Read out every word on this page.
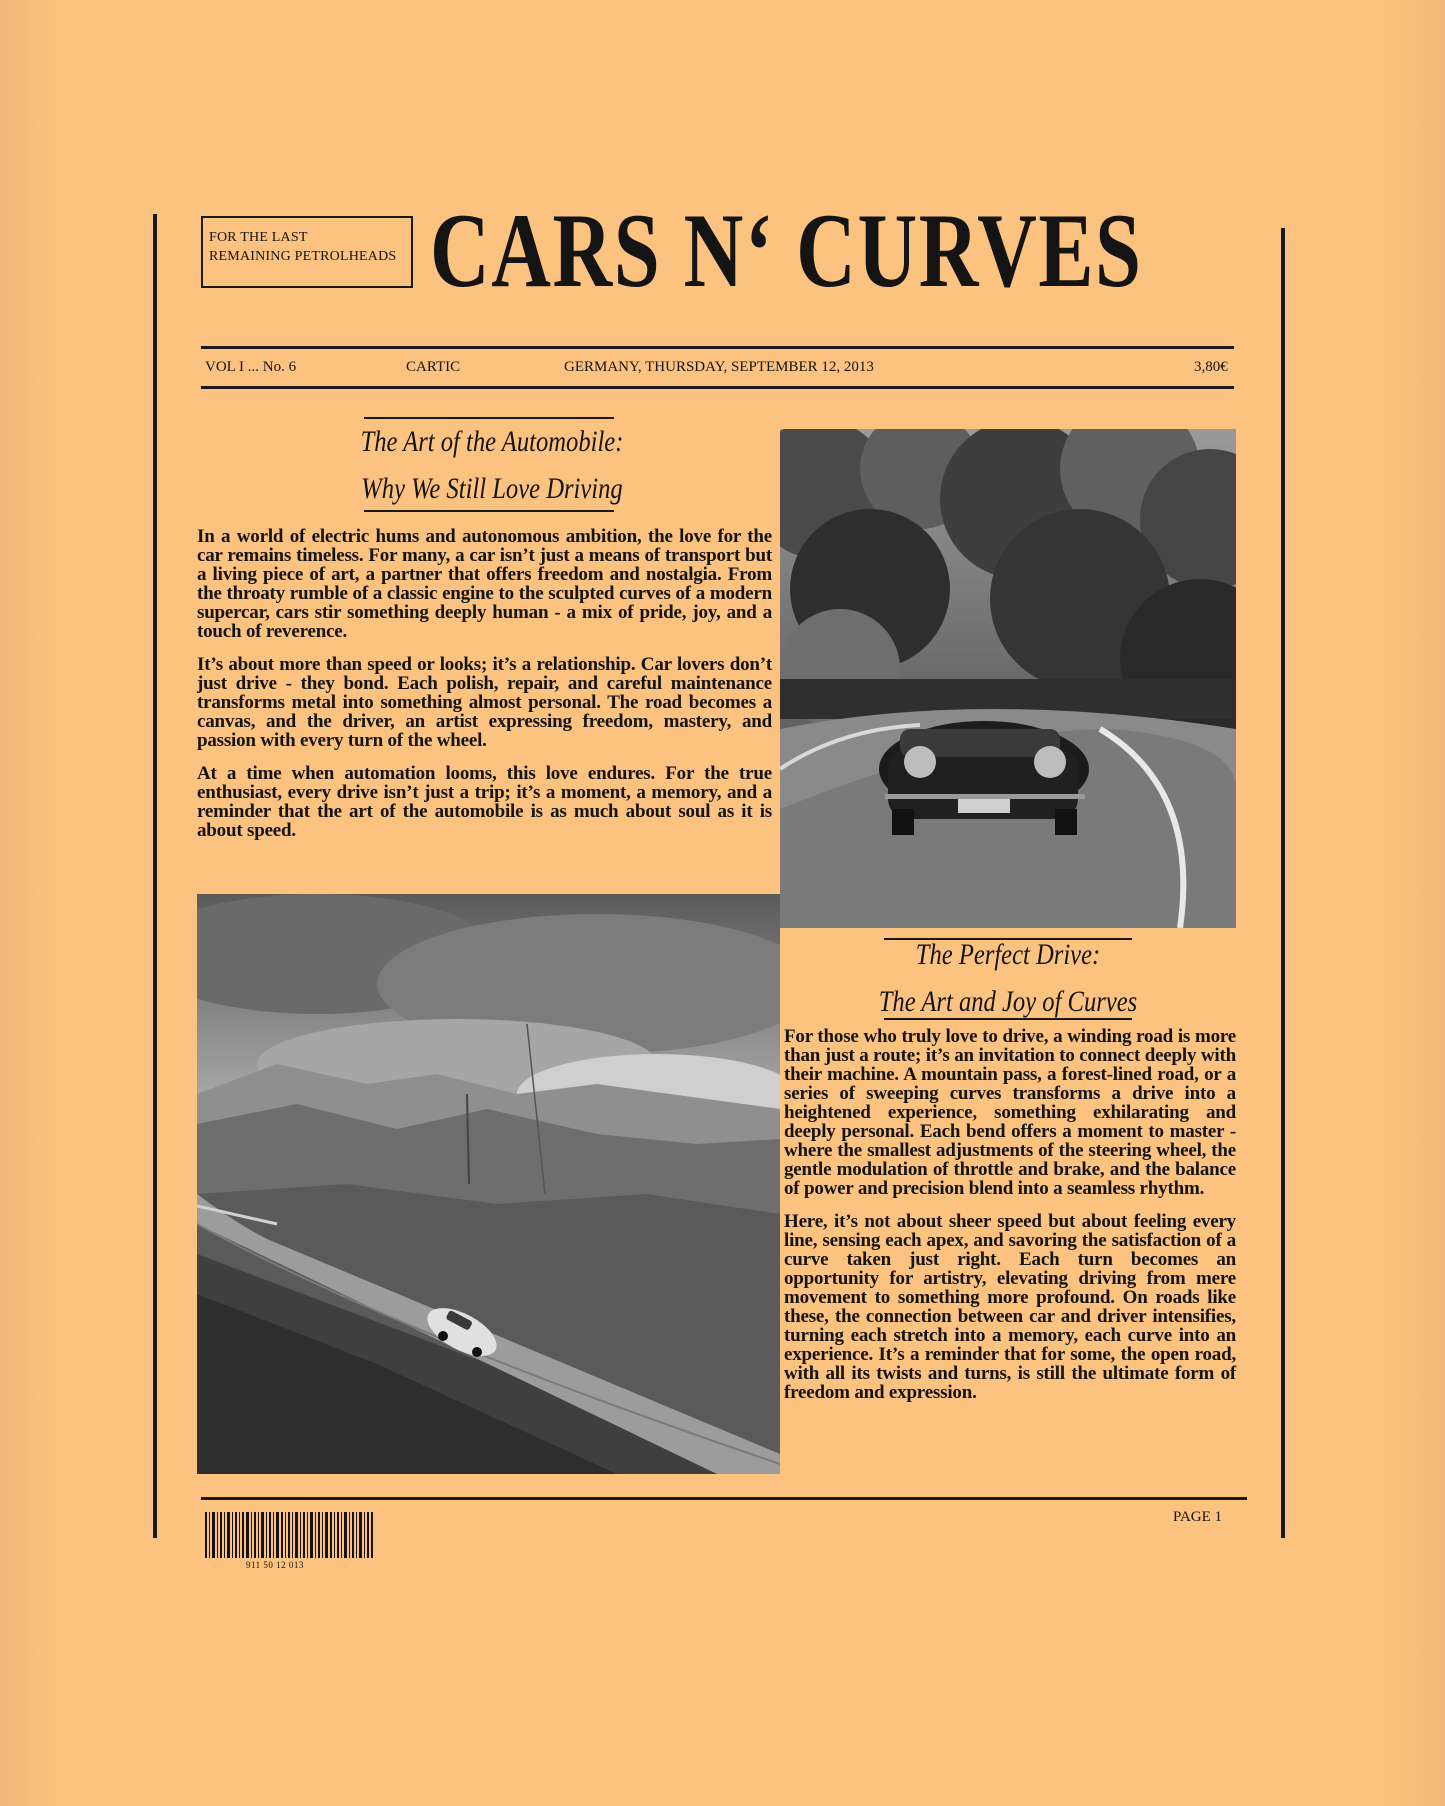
FOR THE LAST
REMAINING PETROLHEADS CARS N‘ CURVES
VOL I ... No. 6	CARTIC	GERMANY, THURSDAY, SEPTEMBER 12, 2013	3,80€
The Art of the Automobile:
Why We Still Love Driving

In a world of electric hums and autonomous ambition, the love for the car remains timeless. For many, a car isn’t just a means of transport but a living piece of art, a partner that offers freedom and nostalgia. From the throaty rumble of a classic engine to the sculpted curves of a modern supercar, cars stir something deeply human - a mix of pride, joy, and a touch of reverence.

It’s about more than speed or looks; it’s a relationship. Car lovers don’t just drive - they bond. Each polish, repair, and careful maintenance transforms metal into something almost personal. The road becomes a canvas, and the driver, an artist expressing freedom, mastery, and passion with every turn of the wheel.

At a time when automation looms, this love endures. For the true enthusiast, every drive isn’t just a trip; it’s a moment, a memory, and a reminder that the art of the automobile is as much about soul as it is about speed.

The Perfect Drive:
The Art and Joy of Curves

For those who truly love to drive, a winding road is more than just a route; it’s an invitation to connect deeply with their machine. A mountain pass, a forest-lined road, or a series of sweeping curves transforms a drive into a heightened experience, something exhilarating and deeply personal. Each bend offers a moment to master - where the smallest adjustments of the steering wheel, the gentle modulation of throttle and brake, and the balance of power and precision blend into a seamless rhythm.

Here, it’s not about sheer speed but about feeling every line, sensing each apex, and savoring the satisfaction of a curve taken just right. Each turn becomes an opportunity for artistry, elevating driving from mere movement to something more profound. On roads like these, the connection between car and driver intensifies, turning each stretch into a memory, each curve into an experience. It’s a reminder that for some, the open road, with all its twists and turns, is still the ultimate form of freedom and expression.

911 50 12 013
PAGE 1
